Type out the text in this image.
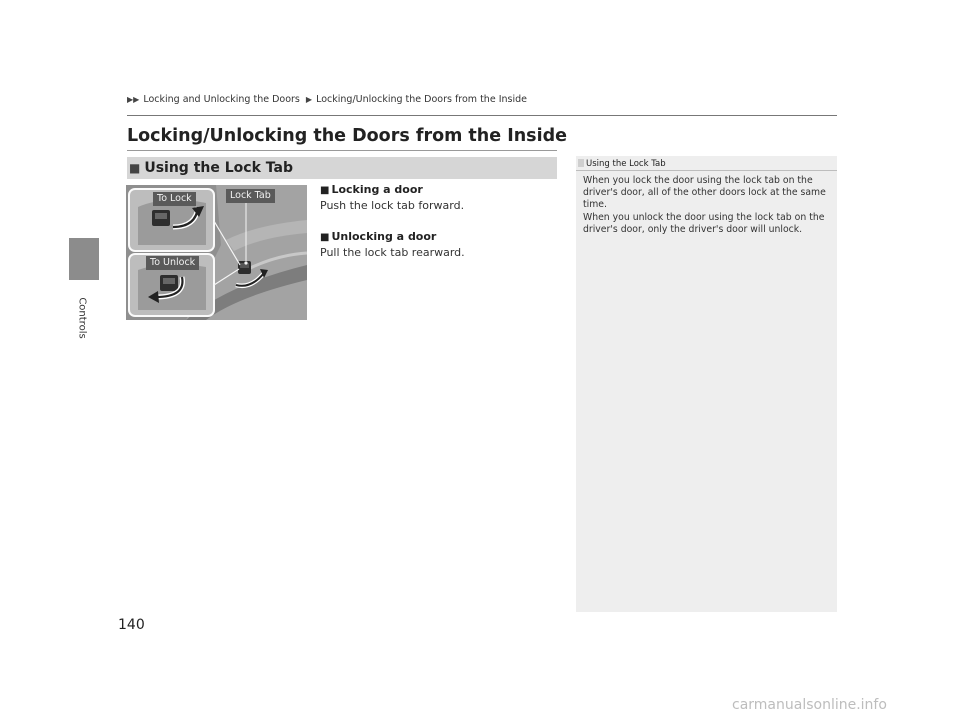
Controls
▶▶ Locking and Unlocking the Doors ▶ Locking/Unlocking the Doors from the Inside
Locking/Unlocking the Doors from the Inside
■ Using the Lock Tab
To Lock
To Unlock
Lock Tab	■ Locking a door
Push the lock tab forward.
■ Unlocking a door
Pull the lock tab rearward.
Using the Lock Tab

When you lock the door using the lock tab on the driver's door, all of the other doors lock at the same time.

When you unlock the door using the lock tab on the driver's door, only the driver's door will unlock.

140
carmanualsonline.info
